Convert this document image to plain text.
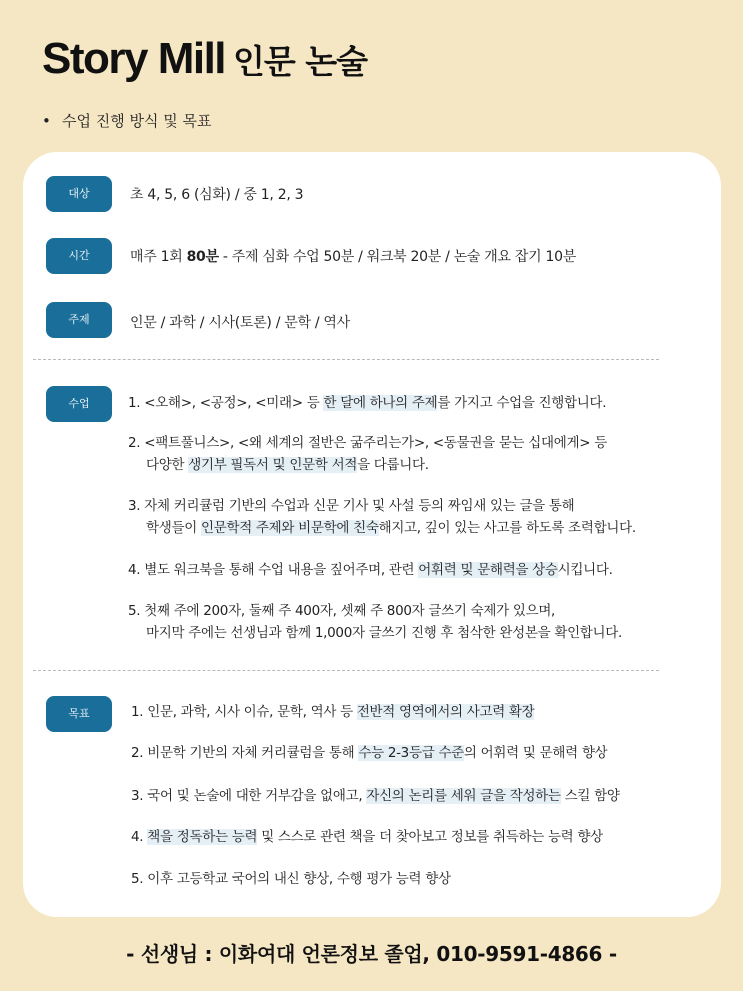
Story Mill 인문 논술
• 수업 진행 방식 및 목표
대상	초 4, 5, 6 (심화) / 중 1, 2, 3
시간	매주 1회 80분 - 주제 심화 수업 50분 / 워크북 20분 / 논술 개요 잡기 10분
주제	인문 / 과학 / 시사(토론) / 문학 / 역사
수업	1. <오해>, <공정>, <미래> 등 한 달에 하나의 주제를 가지고 수업을 진행합니다.
2. <팩트풀니스>, <왜 세계의 절반은 굶주리는가>, <동물권을 묻는 십대에게> 등
다양한 생기부 필독서 및 인문학 서적을 다룹니다.
3. 자체 커리큘럼 기반의 수업과 신문 기사 및 사설 등의 짜임새 있는 글을 통해
학생들이 인문학적 주제와 비문학에 친숙해지고, 깊이 있는 사고를 하도록 조력합니다.
4. 별도 워크북을 통해 수업 내용을 짚어주며, 관련 어휘력 및 문해력을 상승시킵니다.
5. 첫째 주에 200자, 둘째 주 400자, 셋째 주 800자 글쓰기 숙제가 있으며,
마지막 주에는 선생님과 함께 1,000자 글쓰기 진행 후 첨삭한 완성본을 확인합니다.
목표	1. 인문, 과학, 시사 이슈, 문학, 역사 등 전반적 영역에서의 사고력 확장
2. 비문학 기반의 자체 커리큘럼을 통해 수능 2-3등급 수준의 어휘력 및 문해력 향상
3. 국어 및 논술에 대한 거부감을 없애고, 자신의 논리를 세워 글을 작성하는 스킬 함양
4. 책을 정독하는 능력 및 스스로 관련 책을 더 찾아보고 정보를 취득하는 능력 향상
5. 이후 고등학교 국어의 내신 향상, 수행 평가 능력 향상
- 선생님 : 이화여대 언론정보 졸업, 010-9591-4866 -
